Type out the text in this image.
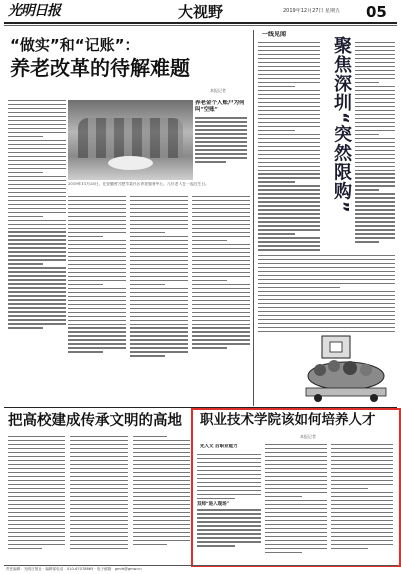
光明日报	大视野	2019年12月27日 星期五	05
“做实”和“记账”：
养老改革的待解难题
本报记者
养老金个人账户为何叫“空账”
2019年11月20日，在安徽省合肥市某社区养老服务中心，几位老人在一起过生日。
一线见闻
聚焦深圳“突然限购”
把高校建成传承文明的高地	职业技术学院该如何培养人才
本报记者
先人文 后职业能力
双师“进入现场”
责任编辑：光明日报社 · 编辑部电话：010-67078865 · 电子邮箱：gmrb@gmw.cn
